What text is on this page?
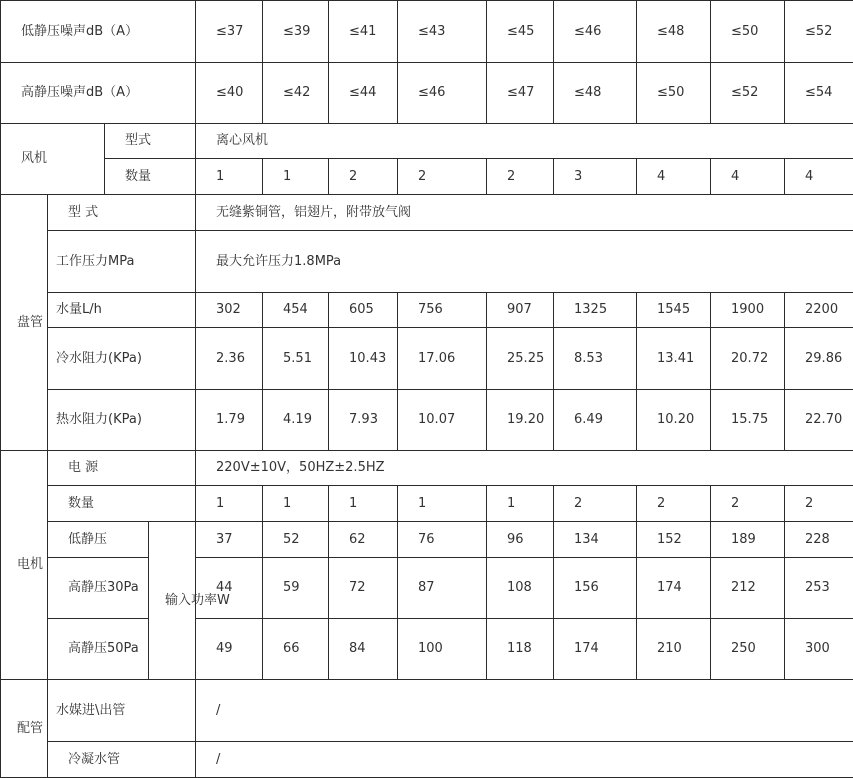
低静压噪声dB（A）				≤37	≤39	≤41	≤43	≤45	≤46	≤48	≤50	≤52
高静压噪声dB（A）				≤40	≤42	≤44	≤46	≤47	≤48	≤50	≤52	≤54
风机		型式		离心风机								
		数量		1	1	2	2	2	3	4	4	4
盘管	型 式			无缝紫铜管，铝翅片，附带放气阀								
	工作压力MPa			最大允许压力1.8MPa								
	水量L/h			302	454	605	756	907	1325	1545	1900	2200
	冷水阻力(KPa)			2.36	5.51	10.43	17.06	25.25	8.53	13.41	20.72	29.86
	热水阻力(KPa)			1.79	4.19	7.93	10.07	19.20	6.49	10.20	15.75	22.70
电机	电 源			220V±10V，50HZ±2.5HZ								
	数量			1	1	1	1	1	2	2	2	2
	低静压		输入功率W	37	52	62	76	96	134	152	189	228

	高静压30Pa			44	59	72	87	108	156	174	212	253

	高静压50Pa			49	66	84	100	118	174	210	250	300
配管	水媒进\出管			/								
	冷凝水管			/								
